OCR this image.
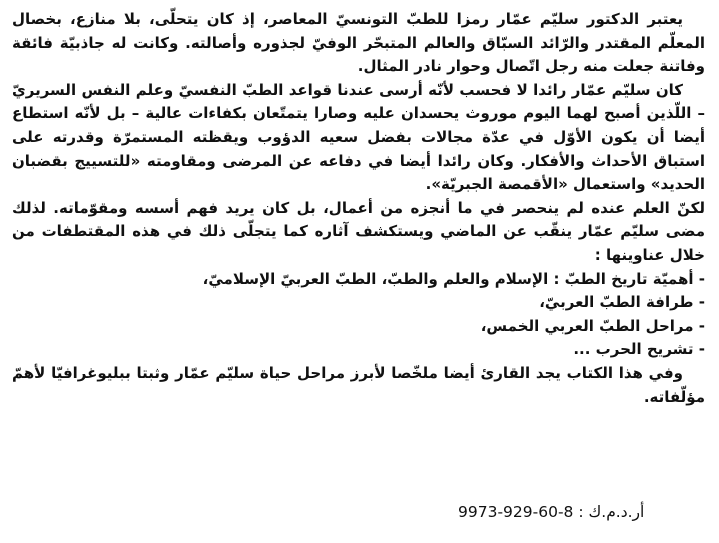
يعتبر الدكتور سليّم عمّار رمزا للطبّ التونسيّ المعاصر، إذ كان يتحلّى، بلا منازع، بخصال المعلّم المقتدر والرّائد السبّاق والعالم المتبحّر الوفيّ لجذوره وأصالته. وكانت له جاذبيّة فائقة وفاتنة جعلت منه رجل اتّصال وحوار نادر المثال.

كان سليّم عمّار رائدا لا فحسب لأنّه أرسى عندنا قواعد الطبّ النفسيّ وعلم النفس السريريّ – اللّذين أصبح لهما اليوم موروث يحسدان عليه وصارا يتمتّعان بكفاءات عالية – بل لأنّه استطاع أيضا أن يكون الأوّل في عدّة مجالات بفضل سعيه الدؤوب ويقظته المستمرّة وقدرته على استباق الأحداث والأفكار. وكان رائدا أيضا في دفاعه عن المرضى ومقاومته «للتسييج بقضبان الحديد» واستعمال «الأقمصة الجبريّة».

لكنّ العلم عنده لم ينحصر في ما أنجزه من أعمال، بل كان يريد فهم أسسه ومقوّماته. لذلك مضى سليّم عمّار ينقّب عن الماضي ويستكشف آثاره كما يتجلّى ذلك في هذه المقتطفات من خلال عناوينها :

- أهميّة تاريخ الطبّ : الإسلام والعلم والطبّ، الطبّ العربيّ الإسلاميّ،
- طرافة الطبّ العربيّ،
- مراحل الطبّ العربي الخمس،
- تشريح الحرب ...

وفي هذا الكتاب يجد القارئ أيضا ملخّصا لأبرز مراحل حياة سليّم عمّار وثبتا ببليوغرافيّا لأهمّ مؤلّفاته.

أر.د.م.ك : 9973-929-60-8
